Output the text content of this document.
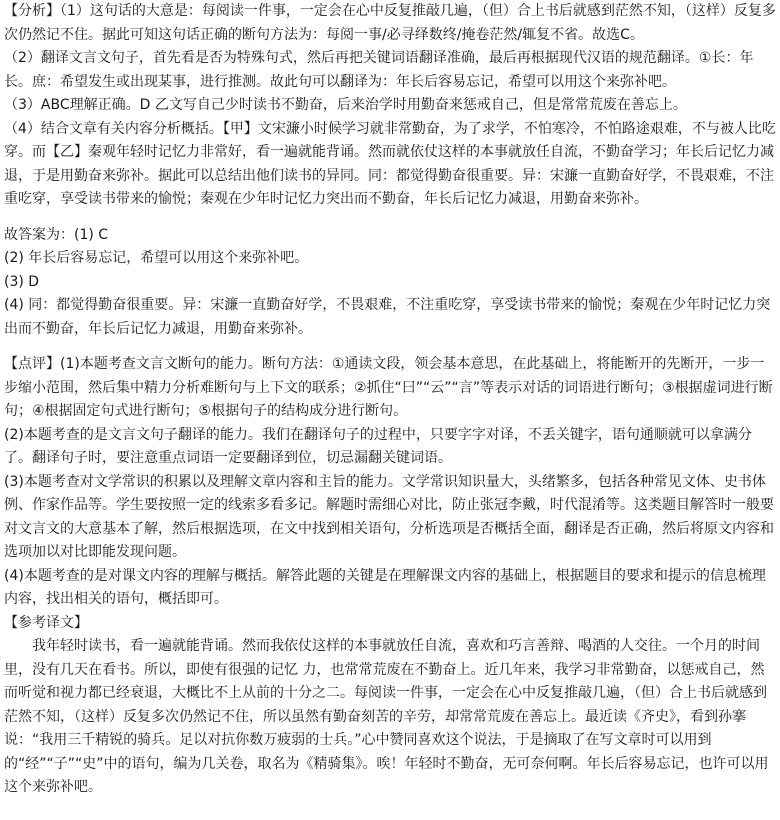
【分析】（1）这句话的大意是：每阅读一件事，一定会在心中反复推敲几遍，（但）合上书后就感到茫然不知，（这样）反复多次仍然记不住。据此可知这句话正确的断句方法为：每阅一事/必寻绎数终/掩卷茫然/辄复不省。故选C。

（2）翻译文言文句子，首先看是否为特殊句式，然后再把关键词语翻译准确，最后再根据现代汉语的规范翻译。①长：年长。庶：希望发生或出现某事，进行推测。故此句可以翻译为：年长后容易忘记，希望可以用这个来弥补吧。

（3）ABC理解正确。D 乙文写自己少时读书不勤奋，后来治学时用勤奋来惩戒自己，但是常常荒废在善忘上。

（4）结合文章有关内容分析概括。【甲】文宋濂小时候学习就非常勤奋，为了求学，不怕寒冷，不怕路途艰难，不与被人比吃穿。而【乙】秦观年轻时记忆力非常好，看一遍就能背诵。然而就依仗这样的本事就放任自流，不勤奋学习；年长后记忆力减退，于是用勤奋来弥补。据此可以总结出他们读书的异同。同：都觉得勤奋很重要。异：宋濂一直勤奋好学，不畏艰难，不注重吃穿，享受读书带来的愉悦；秦观在少年时记忆力突出而不勤奋，年长后记忆力减退，用勤奋来弥补。

故答案为：(1) C

(2) 年长后容易忘记，希望可以用这个来弥补吧。

(3) D

(4) 同：都觉得勤奋很重要。异：宋濂一直勤奋好学，不畏艰难，不注重吃穿，享受读书带来的愉悦；秦观在少年时记忆力突出而不勤奋，年长后记忆力减退，用勤奋来弥补。

【点评】(1)本题考查文言文断句的能力。断句方法：①通读文段，领会基本意思，在此基础上，将能断开的先断开，一步一步缩小范围，然后集中精力分析难断句与上下文的联系；②抓住“曰”“云”“言”等表示对话的词语进行断句；③根据虚词进行断句；④根据固定句式进行断句；⑤根据句子的结构成分进行断句。

(2)本题考查的是文言文句子翻译的能力。我们在翻译句子的过程中，只要字字对译，不丢关键字，语句通顺就可以拿满分了。翻译句子时，要注意重点词语一定要翻译到位，切忌漏翻关键词语。

(3)本题考查对文学常识的积累以及理解文章内容和主旨的能力。文学常识知识量大，头绪繁多，包括各种常见文体、史书体例、作家作品等。学生要按照一定的线索多看多记。解题时需细心对比，防止张冠李戴，时代混淆等。这类题目解答时一般要对文言文的大意基本了解，然后根据选项，在文中找到相关语句，分析选项是否概括全面，翻译是否正确，然后将原文内容和选项加以对比即能发现问题。

(4)本题考查的是对课文内容的理解与概括。解答此题的关键是在理解课文内容的基础上，根据题目的要求和提示的信息梳理内容，找出相关的语句，概括即可。

【参考译文】

我年轻时读书，看一遍就能背诵。然而我依仗这样的本事就放任自流，喜欢和巧言善辩、喝酒的人交往。一个月的时间里，没有几天在看书。所以，即使有很强的记忆 力，也常常荒废在不勤奋上。近几年来，我学习非常勤奋，以惩戒自己，然而听觉和视力都已经衰退，大概比不上从前的十分之二。每阅读一件事，一定会在心中反复推敲几遍，（但）合上书后就感到茫然不知，（这样）反复多次仍然记不住，所以虽然有勤奋刻苦的辛劳，却常常荒废在善忘上。最近读《齐史》，看到孙搴说：“我用三千精锐的骑兵。足以对抗你数万疲弱的士兵。”心中赞同喜欢这个说法，于是摘取了在写文章时可以用到的“经”“子”“史”中的语句，编为几关卷，取名为《精骑集》。唉！年轻时不勤奋，无可奈何啊。年长后容易忘记，也许可以用这个来弥补吧。
